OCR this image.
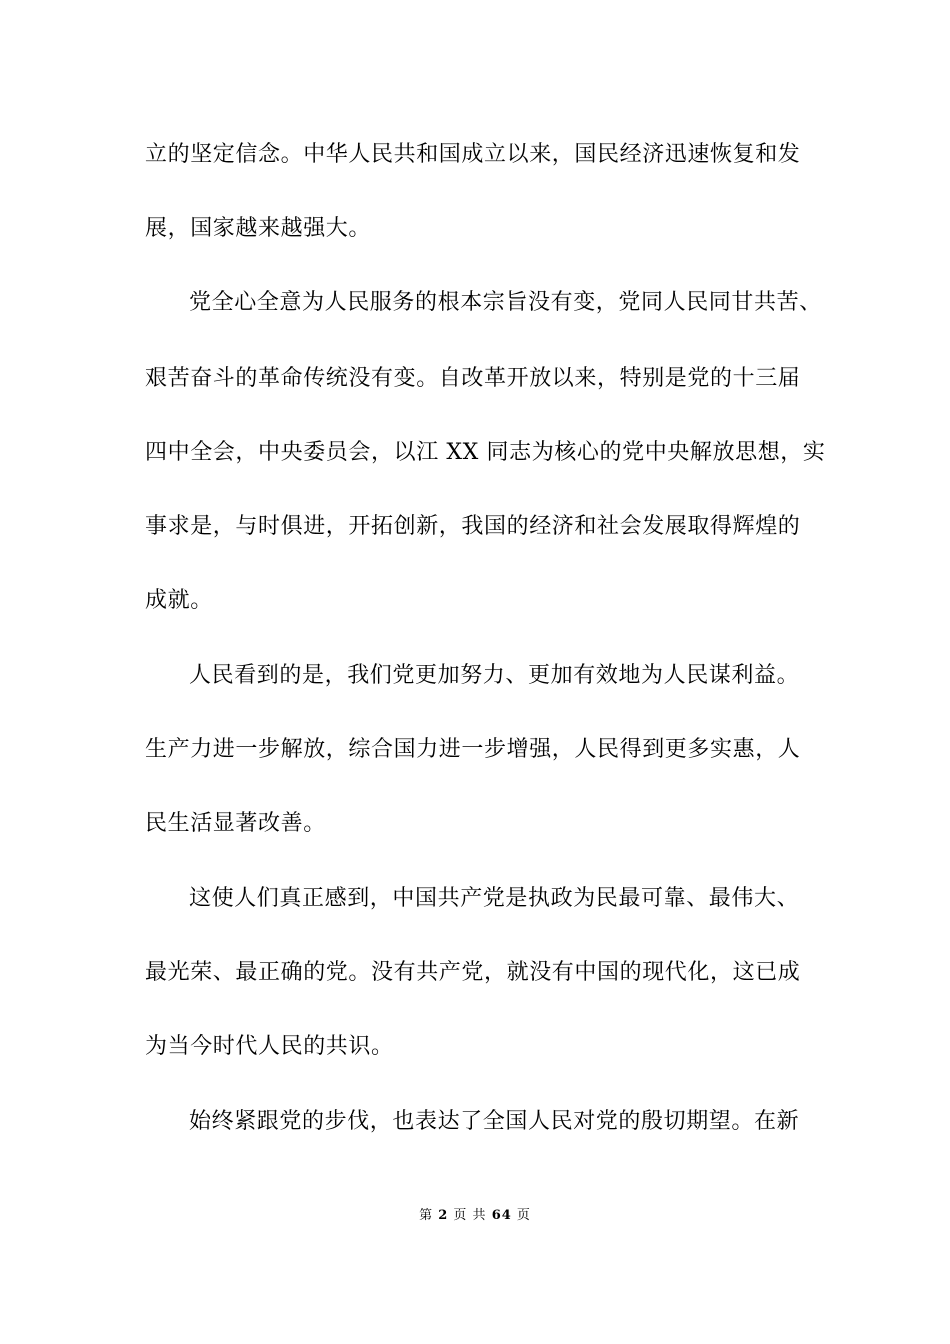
立的坚定信念。中华人民共和国成立以来，国民经济迅速恢复和发

展，国家越来越强大。

党全心全意为人民服务的根本宗旨没有变，党同人民同甘共苦、

艰苦奋斗的革命传统没有变。自改革开放以来，特别是党的十三届

四中全会，中央委员会，以江 XX 同志为核心的党中央解放思想，实

事求是，与时俱进，开拓创新，我国的经济和社会发展取得辉煌的

成就。

人民看到的是，我们党更加努力、更加有效地为人民谋利益。

生产力进一步解放，综合国力进一步增强，人民得到更多实惠，人

民生活显著改善。

这使人们真正感到，中国共产党是执政为民最可靠、最伟大、

最光荣、最正确的党。没有共产党，就没有中国的现代化，这已成

为当今时代人民的共识。

始终紧跟党的步伐，也表达了全国人民对党的殷切期望。在新

第 2 页 共 64 页
